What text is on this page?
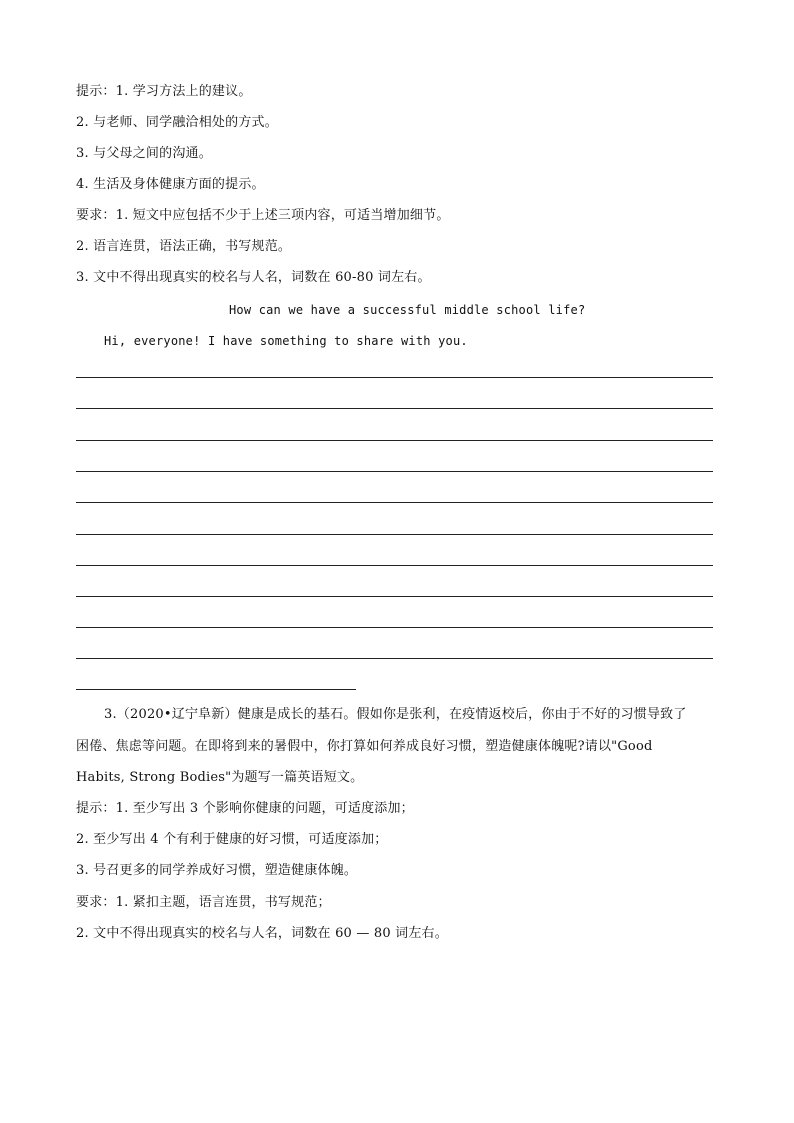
提示：1. 学习方法上的建议。
2. 与老师、同学融洽相处的方式。
3. 与父母之间的沟通。
4. 生活及身体健康方面的提示。
要求：1. 短文中应包括不少于上述三项内容，可适当增加细节。
2. 语言连贯，语法正确，书写规范。
3. 文中不得出现真实的校名与人名，词数在 60-80 词左右。
How can we have a successful middle school life?
Hi, everyone! I have something to share with you.
3.（2020•辽宁阜新）健康是成长的基石。假如你是张利，在疫情返校后，你由于不好的习惯导致了
困倦、焦虑等问题。在即将到来的暑假中，你打算如何养成良好习惯，塑造健康体魄呢?请以"Good
Habits, Strong Bodies"为题写一篇英语短文。
提示：1. 至少写出 3 个影响你健康的问题，可适度添加；
2. 至少写出 4 个有利于健康的好习惯，可适度添加；
3. 号召更多的同学养成好习惯，塑造健康体魄。
要求：1. 紧扣主题，语言连贯，书写规范；
2. 文中不得出现真实的校名与人名，词数在 60 — 80 词左右。
